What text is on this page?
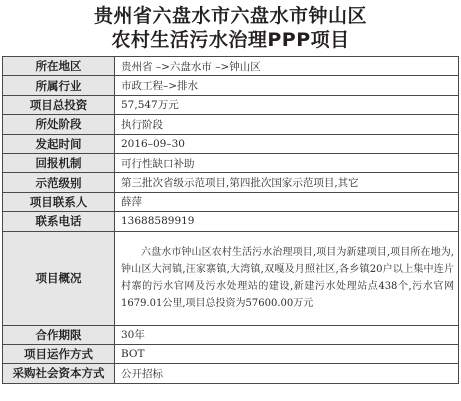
贵州省六盘水市六盘水市钟山区
农村生活污水治理PPP项目
所在地区	贵州省 –>六盘水市 –>钟山区
所属行业	市政工程–>排水
项目总投资	57,547万元
所处阶段	执行阶段
发起时间	2016–09–30
回报机制	可行性缺口补助
示范级别	第三批次省级示范项目,第四批次国家示范项目,其它
项目联系人	薛萍
联系电话	13688589919
项目概况	六盘水市钟山区农村生活污水治理项目,项目为新建项目,项目所在地为,钟山区大河镇,汪家寨镇,大湾镇,双嘎及月照社区,各乡镇20户以上集中连片村寨的污水官网及污水处理站的建设,新建污水处理站点438个,污水官网1679.01公里,项目总投资为57600.00万元
合作期限	30年
项目运作方式	BOT
采购社会资本方式	公开招标
